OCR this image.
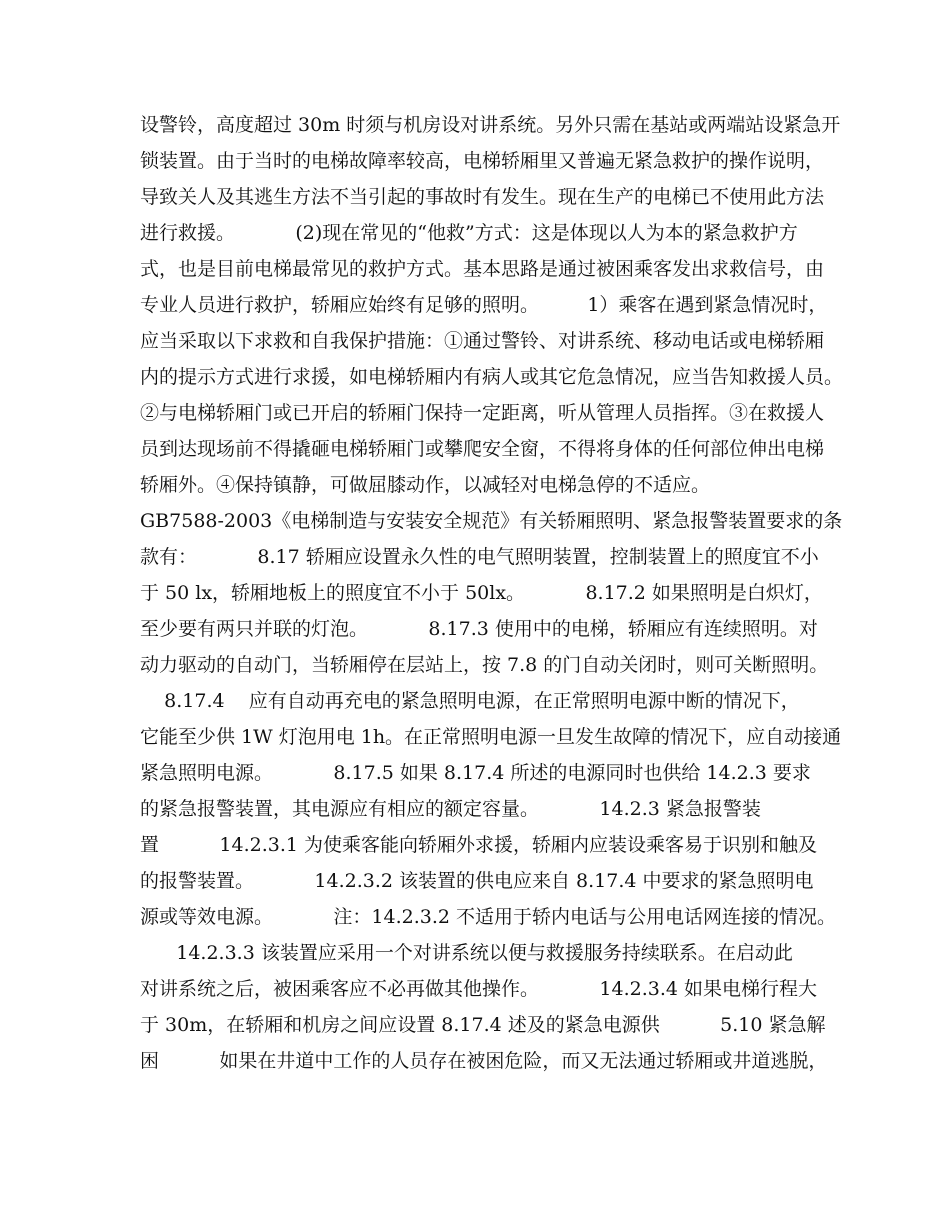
设警铃，高度超过 30m 时须与机房设对讲系统。另外只需在基站或两端站设紧急开
锁装置。由于当时的电梯故障率较高，电梯轿厢里又普遍无紧急救护的操作说明，
导致关人及其逃生方法不当引起的事故时有发生。现在生产的电梯已不使用此方法
进行救援。          (2)现在常见的“他救”方式：这是体现以人为本的紧急救护方
式，也是目前电梯最常见的救护方式。基本思路是通过被困乘客发出求救信号，由
专业人员进行救护，轿厢应始终有足够的照明。        1）乘客在遇到紧急情况时，
应当采取以下求救和自我保护措施：①通过警铃、对讲系统、移动电话或电梯轿厢
内的提示方式进行求援，如电梯轿厢内有病人或其它危急情况，应当告知救援人员。
②与电梯轿厢门或已开启的轿厢门保持一定距离，听从管理人员指挥。③在救援人
员到达现场前不得撬砸电梯轿厢门或攀爬安全窗，不得将身体的任何部位伸出电梯
轿厢外。④保持镇静，可做屈膝动作，以减轻对电梯急停的不适应。
GB7588-2003《电梯制造与安装安全规范》有关轿厢照明、紧急报警装置要求的条
款有：          8.17 轿厢应设置永久性的电气照明装置，控制装置上的照度宜不小
于 50 lx，轿厢地板上的照度宜不小于 50lx。          8.17.2 如果照明是白炽灯，
至少要有两只并联的灯泡。          8.17.3 使用中的电梯，轿厢应有连续照明。对
动力驱动的自动门，当轿厢停在层站上，按 7.8 的门自动关闭时，则可关断照明。
8.17.4    应有自动再充电的紧急照明电源，在正常照明电源中断的情况下，
它能至少供 1W 灯泡用电 1h。在正常照明电源一旦发生故障的情况下，应自动接通
紧急照明电源。          8.17.5 如果 8.17.4 所述的电源同时也供给 14.2.3 要求
的紧急报警装置，其电源应有相应的额定容量。          14.2.3 紧急报警装
置          14.2.3.1 为使乘客能向轿厢外求援，轿厢内应装设乘客易于识别和触及
的报警装置。          14.2.3.2 该装置的供电应来自 8.17.4 中要求的紧急照明电
源或等效电源。          注：14.2.3.2 不适用于轿内电话与公用电话网连接的情况。
14.2.3.3 该装置应采用一个对讲系统以便与救援服务持续联系。在启动此
对讲系统之后，被困乘客应不必再做其他操作。          14.2.3.4 如果电梯行程大
于 30m，在轿厢和机房之间应设置 8.17.4 述及的紧急电源供          5.10 紧急解
困          如果在井道中工作的人员存在被困危险，而又无法通过轿厢或井道逃脱，
